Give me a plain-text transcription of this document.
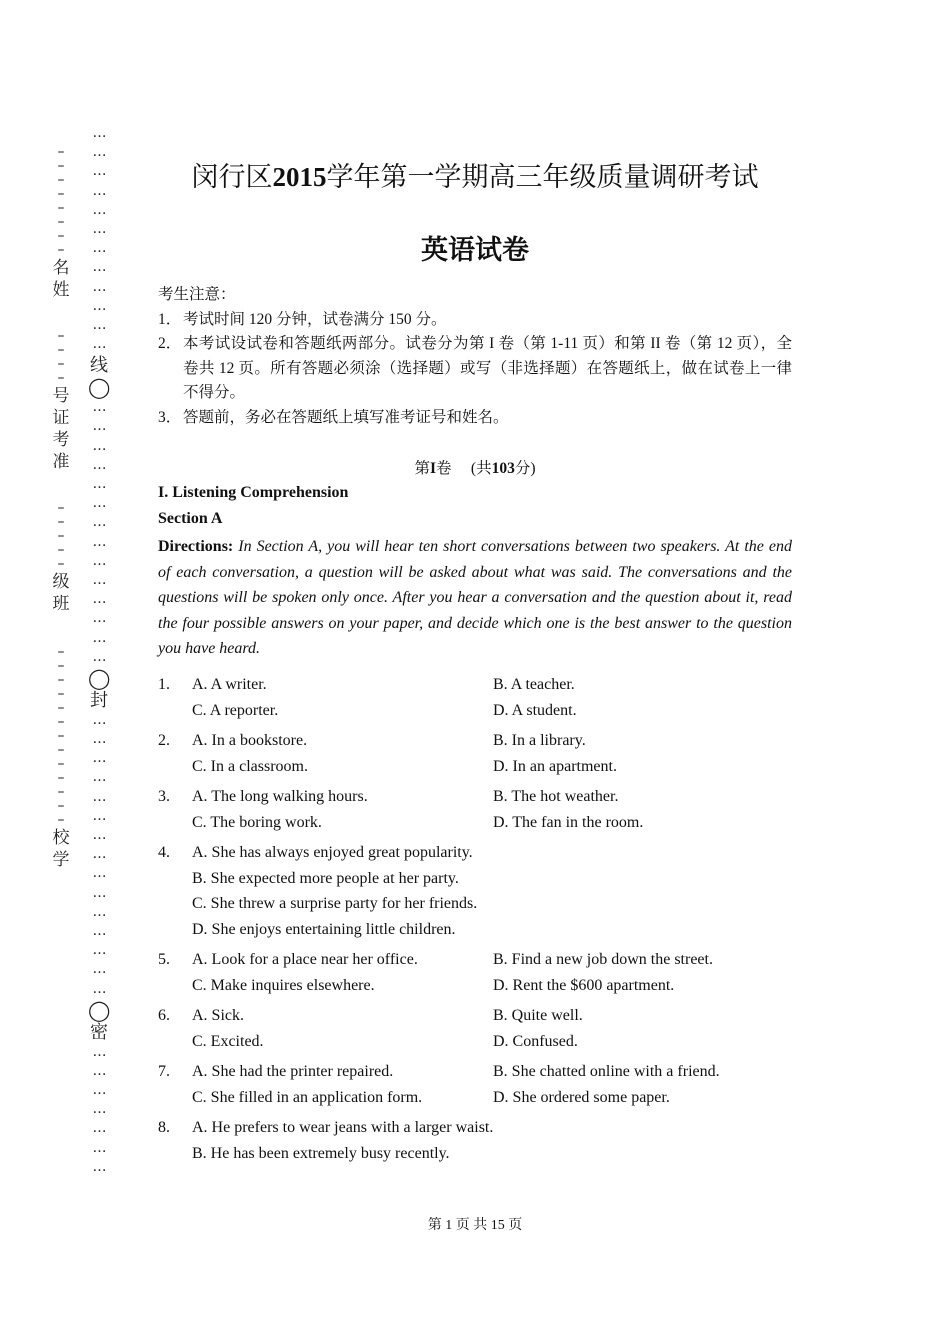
–
–
–
–
–
–
–
–
名
姓
–
–
–
–
号
证
考
准
–
–
–
–
–
级
班
–
–
–
–
–
–
–
–
–
–
–
–
–
校
学
…
…
…
…
…
…
…
…
…
…
…
…
线
◯
…
…
…
…
…
…
…
…
…
…
…
…
…
…
◯
封
…
…
…
…
…
…
…
…
…
…
…
…
…
…
…
◯
密
…
…
…
…
…
…
…
闵行区2015学年第一学期高三年级质量调研考试
英语试卷
考生注意：
1． 考试时间 120 分钟，试卷满分 150 分。
2． 本考试设试卷和答题纸两部分。试卷分为第 I 卷（第 1-11 页）和第 II 卷（第 12 页），全卷共 12 页。所有答题必须涂（选择题）或写（非选择题）在答题纸上，做在试卷上一律不得分。
3． 答题前，务必在答题纸上填写准考证号和姓名。
第I卷　 (共103分)
I. Listening Comprehension
Section A
Directions: In Section A, you will hear ten short conversations between two speakers. At the end of each conversation, a question will be asked about what was said. The conversations and the questions will be spoken only once. After you hear a conversation and the question about it, read the four possible answers on your paper, and decide which one is the best answer to the question you have heard.
1. A. A writer.	B. A teacher.
C. A reporter.	D. A student.
2. A. In a bookstore.	B. In a library.
C. In a classroom.	D. In an apartment.
3. A. The long walking hours.	B. The hot weather.
C. The boring work.	D. The fan in the room.
4. A. She has always enjoyed great popularity.
B. She expected more people at her party.
C. She threw a surprise party for her friends.
D. She enjoys entertaining little children.
5. A. Look for a place near her office.	B. Find a new job down the street.
C. Make inquires elsewhere.	D. Rent the $600 apartment.
6. A. Sick.	B. Quite well.
C. Excited.	D. Confused.
7. A. She had the printer repaired.	B. She chatted online with a friend.
C. She filled in an application form.	D. She ordered some paper.
8. A. He prefers to wear jeans with a larger waist.
B. He has been extremely busy recently.
第 1 页 共 15 页
